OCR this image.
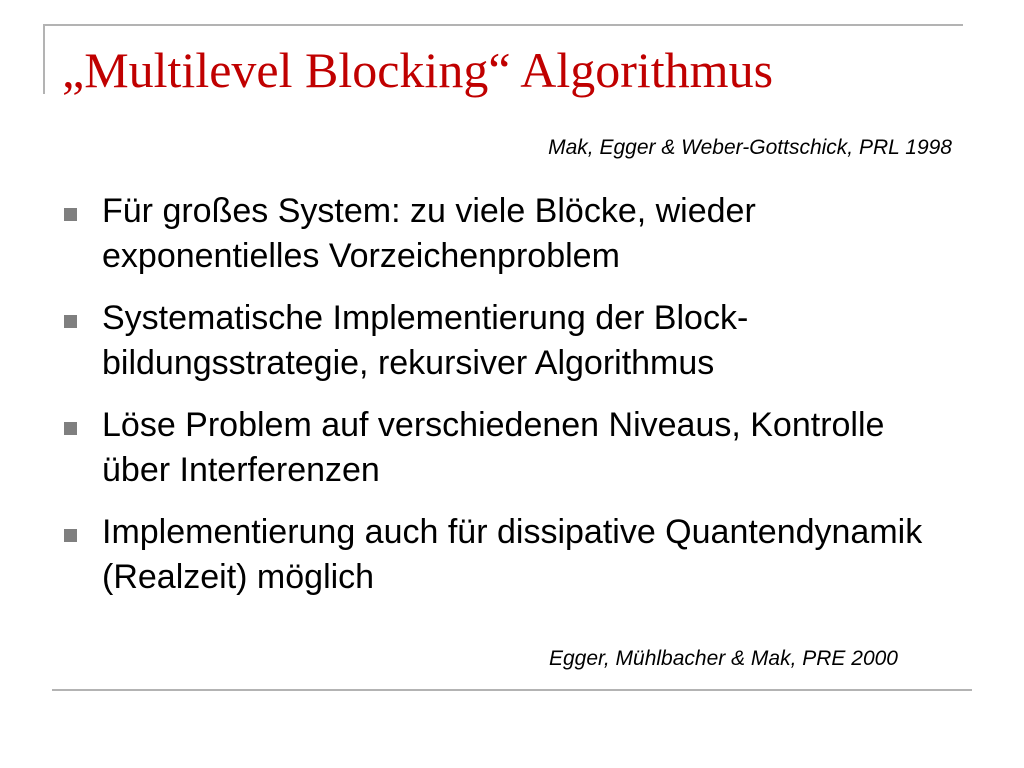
„Multilevel Blocking“ Algorithmus
Mak, Egger & Weber-Gottschick, PRL 1998
Für großes System: zu viele Blöcke, wieder exponentielles Vorzeichenproblem
Systematische Implementierung der Block-bildungsstrategie, rekursiver Algorithmus
Löse Problem auf verschiedenen Niveaus, Kontrolle über Interferenzen
Implementierung auch für dissipative Quantendynamik (Realzeit) möglich
Egger, Mühlbacher & Mak, PRE 2000
